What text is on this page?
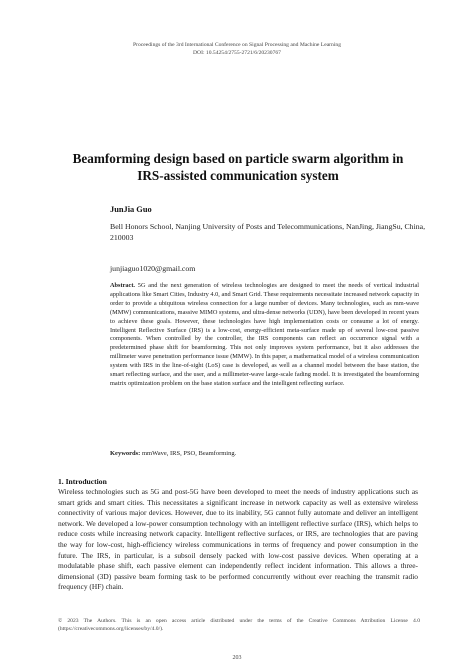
Proceedings of the 3rd International Conference on Signal Processing and Machine Learning
DOI: 10.54254/2755-2721/6/20230767
Beamforming design based on particle swarm algorithm in IRS-assisted communication system
JunJia Guo
Bell Honors School, Nanjing University of Posts and Telecommunications, NanJing, JiangSu, China, 210003
junjiaguo1020@gmail.com
Abstract. 5G and the next generation of wireless technologies are designed to meet the needs of vertical industrial applications like Smart Cities, Industry 4.0, and Smart Grid. These requirements necessitate increased network capacity in order to provide a ubiquitous wireless connection for a large number of devices. Many technologies, such as mm-wave (MMW) communications, massive MIMO systems, and ultra-dense networks (UDN), have been developed in recent years to achieve these goals. However, these technologies have high implementation costs or consume a lot of energy. Intelligent Reflective Surface (IRS) is a low-cost, energy-efficient meta-surface made up of several low-cost passive components. When controlled by the controller, the IRS components can reflect an occurrence signal with a predetermined phase shift for beamforming. This not only improves system performance, but it also addresses the millimeter wave penetration performance issue (MMW). In this paper, a mathematical model of a wireless communication system with IRS in the line-of-sight (LoS) case is developed, as well as a channel model between the base station, the smart reflecting surface, and the user, and a millimeter-wave large-scale fading model. It is investigated the beamforming matrix optimization problem on the base station surface and the intelligent reflecting surface.
Keywords: mmWave, IRS, PSO, Beamforming.
1. Introduction
Wireless technologies such as 5G and post-5G have been developed to meet the needs of industry applications such as smart grids and smart cities. This necessitates a significant increase in network capacity as well as extensive wireless connectivity of various major devices. However, due to its inability, 5G cannot fully automate and deliver an intelligent network. We developed a low-power consumption technology with an intelligent reflective surface (IRS), which helps to reduce costs while increasing network capacity. Intelligent reflective surfaces, or IRS, are technologies that are paving the way for low-cost, high-efficiency wireless communications in terms of frequency and power consumption in the future. The IRS, in particular, is a subsoil densely packed with low-cost passive devices. When operating at a modulatable phase shift, each passive element can independently reflect incident information. This allows a three-dimensional (3D) passive beam forming task to be performed concurrently without ever reaching the transmit radio frequency (HF) chain.
© 2023 The Authors. This is an open access article distributed under the terms of the Creative Commons Attribution License 4.0 (https://creativecommons.org/licenses/by/4.0/).
203
